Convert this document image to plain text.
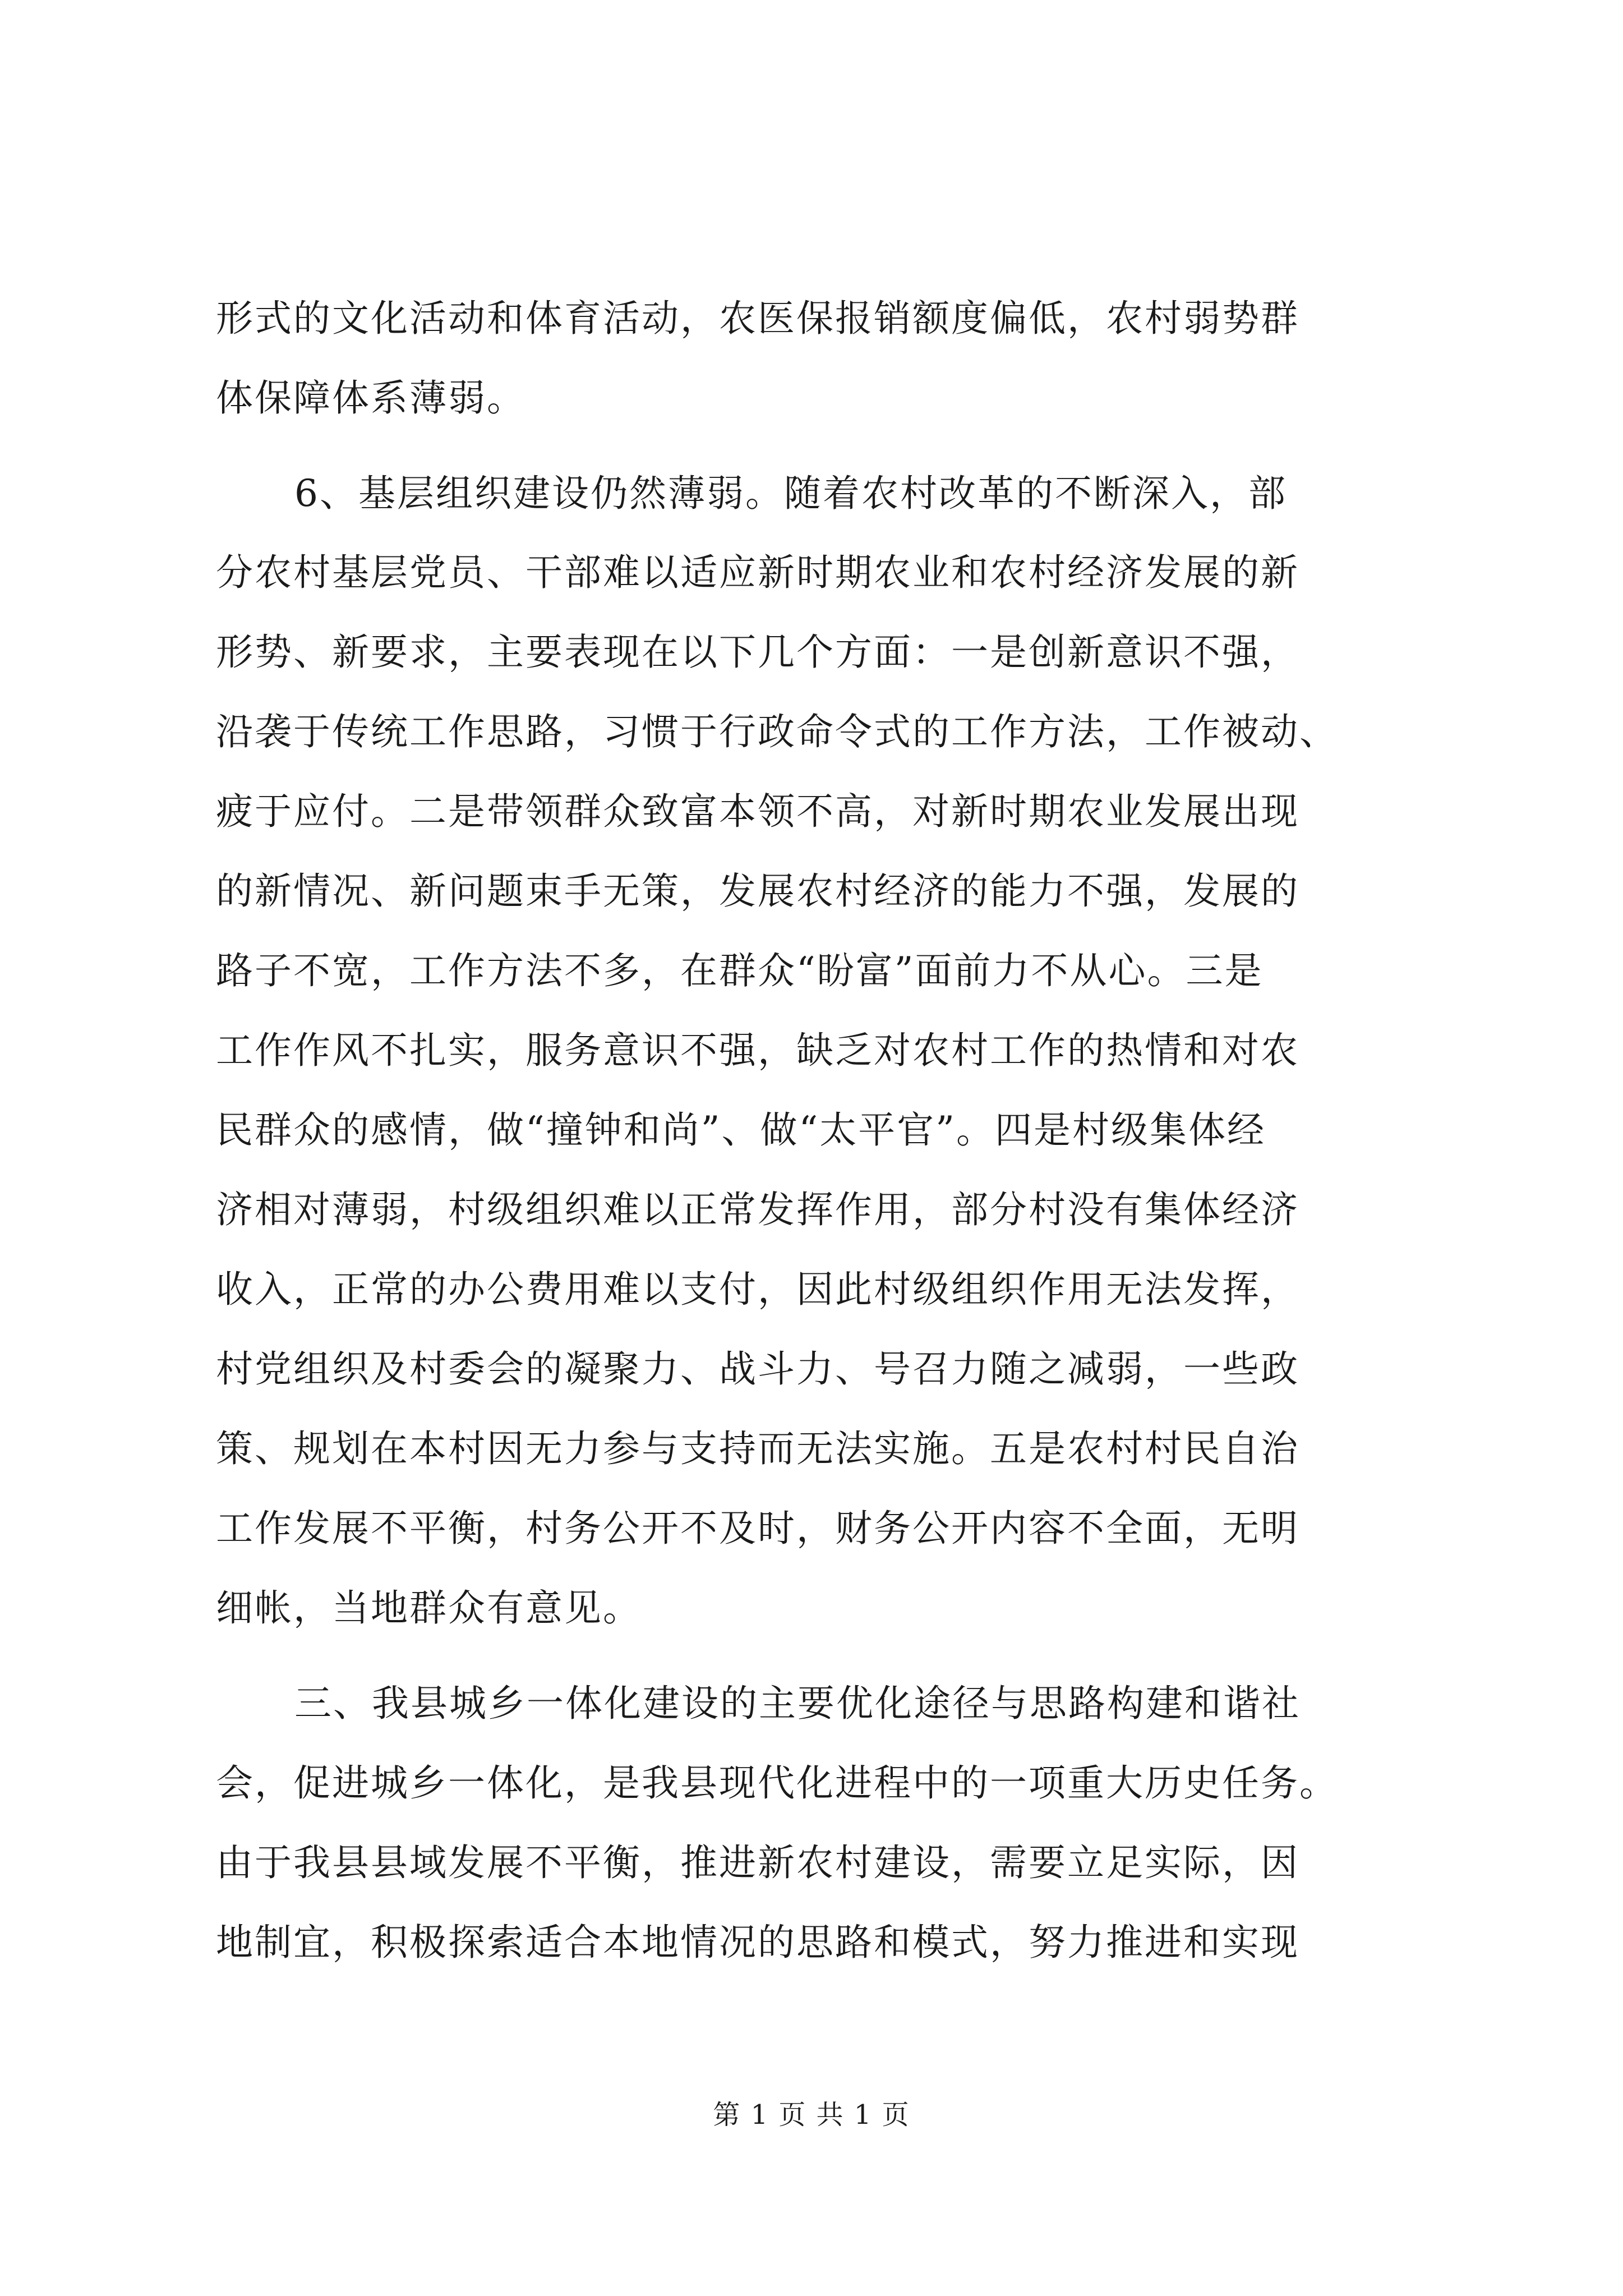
形式的文化活动和体育活动，农医保报销额度偏低，农村弱势群
体保障体系薄弱。
6、基层组织建设仍然薄弱。随着农村改革的不断深入，部
分农村基层党员、干部难以适应新时期农业和农村经济发展的新
形势、新要求，主要表现在以下几个方面：一是创新意识不强，
沿袭于传统工作思路，习惯于行政命令式的工作方法，工作被动、
疲于应付。二是带领群众致富本领不高，对新时期农业发展出现
的新情况、新问题束手无策，发展农村经济的能力不强，发展的
路子不宽，工作方法不多，在群众“盼富”面前力不从心。三是
工作作风不扎实，服务意识不强，缺乏对农村工作的热情和对农
民群众的感情，做“撞钟和尚”、做“太平官”。四是村级集体经
济相对薄弱，村级组织难以正常发挥作用，部分村没有集体经济
收入，正常的办公费用难以支付，因此村级组织作用无法发挥，
村党组织及村委会的凝聚力、战斗力、号召力随之减弱，一些政
策、规划在本村因无力参与支持而无法实施。五是农村村民自治
工作发展不平衡，村务公开不及时，财务公开内容不全面，无明
细帐，当地群众有意见。
三、我县城乡一体化建设的主要优化途径与思路构建和谐社
会，促进城乡一体化，是我县现代化进程中的一项重大历史任务。
由于我县县域发展不平衡，推进新农村建设，需要立足实际，因
地制宜，积极探索适合本地情况的思路和模式，努力推进和实现
第 1 页 共 1 页
